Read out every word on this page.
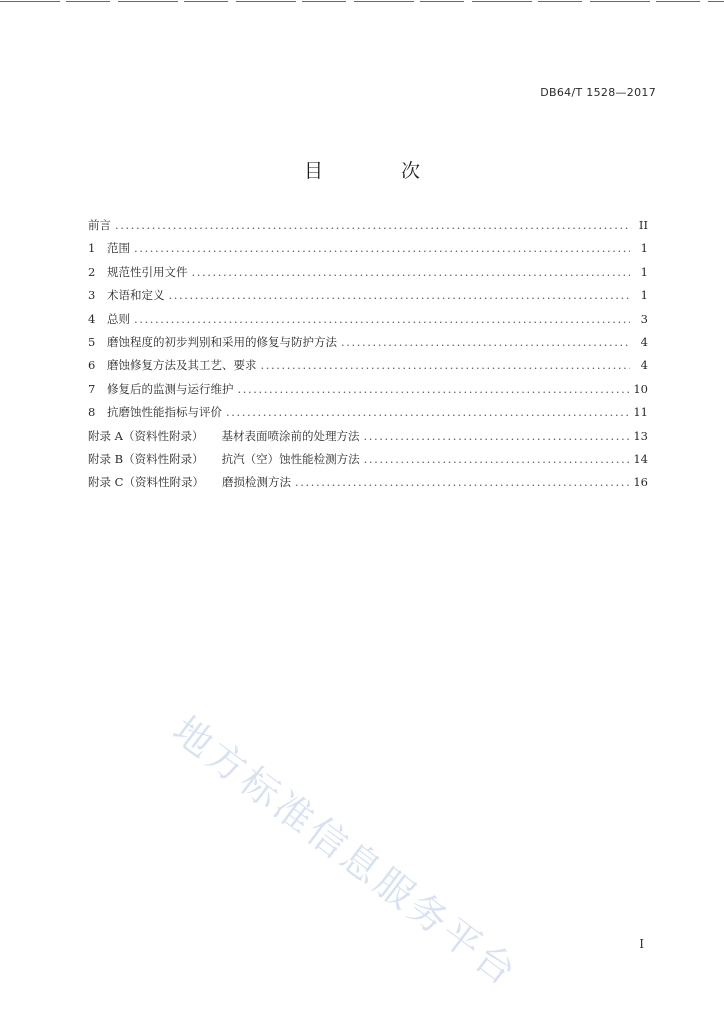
DB64/T 1528—2017
目 次
前言 .....	II
1	范围 .....	1
2	规范性引用文件 .....	1
3	术语和定义 .....	1
4	总则 .....	3
5	磨蚀程度的初步判别和采用的修复与防护方法 .....	4
6	磨蚀修复方法及其工艺、要求 .....	4
7	修复后的监测与运行维护 .....	10
8	抗磨蚀性能指标与评价 .....	11
附录 A（资料性附录） 基材表面喷涂前的处理方法 .....	13
附录 B（资料性附录） 抗汽（空）蚀性能检测方法 .....	14
附录 C（资料性附录） 磨损检测方法 .....	16
地方标准信息服务平台	I
